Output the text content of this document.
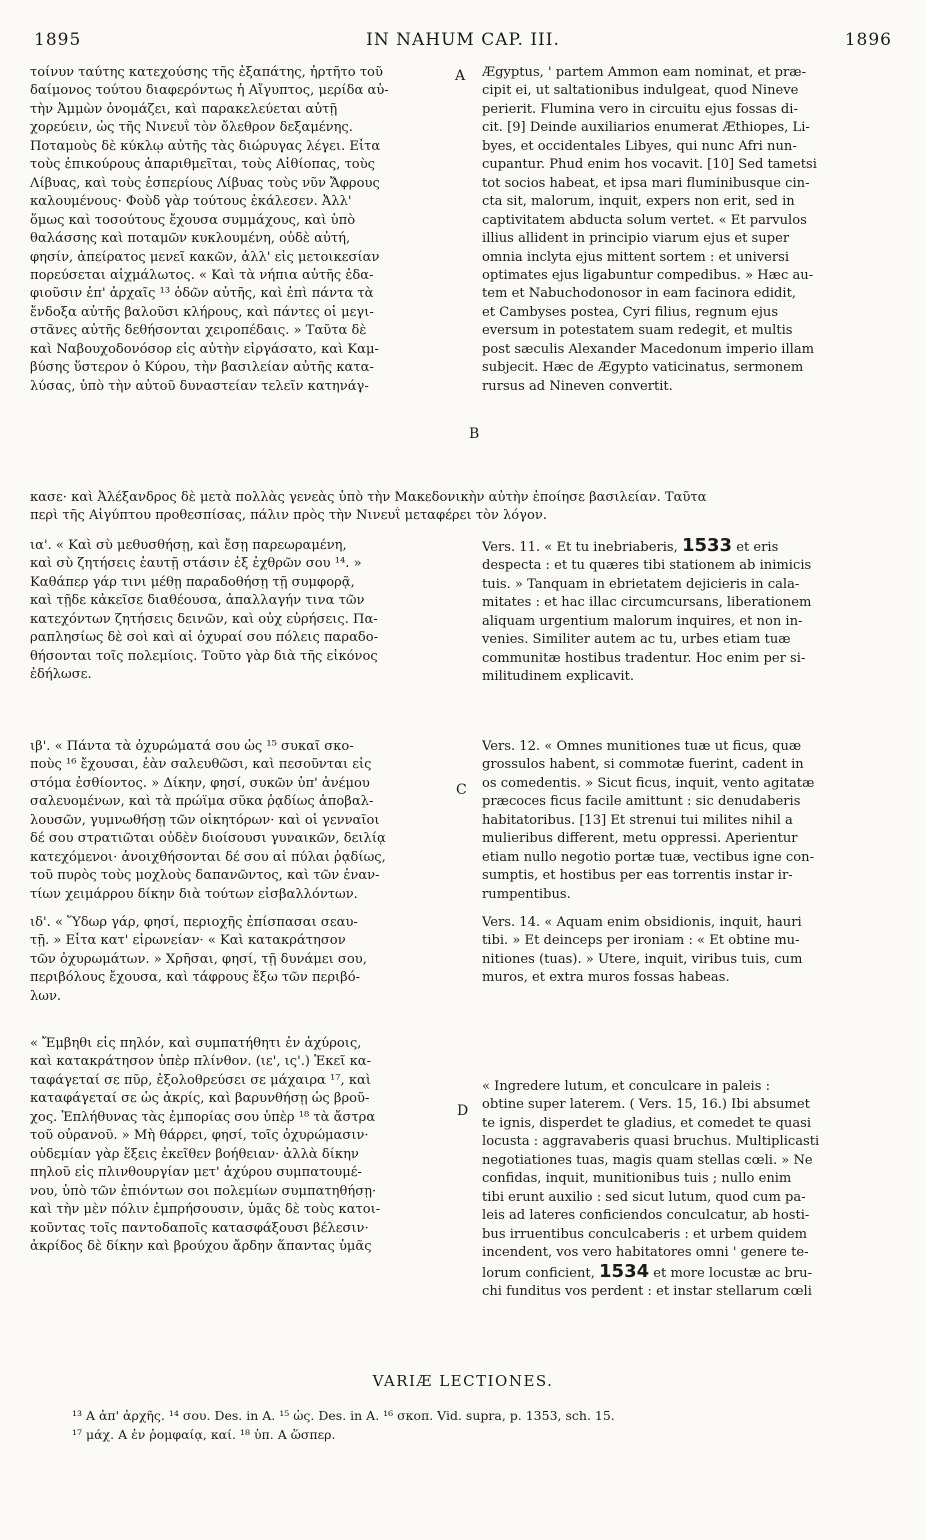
1895	IN NAHUM CAP. III.	1896
A
B
C
D

τοίνυν ταύτης κατεχούσης τῆς ἐξαπάτης, ἠρτῆτο τοῦ

δαίμονος τούτου διαφερόντως ἡ Αἴγυπτος, μερίδα αὐ-

τὴν Ἀμμὼν ὀνομάζει, καὶ παρακελεύεται αὐτῇ

χορεύειν, ὡς τῆς Νινευῒ τὸν ὄλεθρον δεξαμένης.

Ποταμοὺς δὲ κύκλῳ αὐτῆς τὰς διώρυγας λέγει. Εἶτα

τοὺς ἐπικούρους ἀπαριθμεῖται, τοὺς Αἰθίοπας, τοὺς

Λίβυας, καὶ τοὺς ἑσπερίους Λίβυας τοὺς νῦν Ἄφρους

καλουμένους· Φοὺδ γὰρ τούτους ἐκάλεσεν. Ἀλλ'

ὅμως καὶ τοσούτους ἔχουσα συμμάχους, καὶ ὑπὸ

θαλάσσης καὶ ποταμῶν κυκλουμένη, οὐδὲ αὐτή,

φησίν, ἀπείρατος μενεῖ κακῶν, ἀλλ' εἰς μετοικεσίαν

πορεύσεται αἰχμάλωτος. « Καὶ τὰ νήπια αὐτῆς ἐδα-

φιοῦσιν ἐπ' ἀρχαῖς ¹³ ὁδῶν αὐτῆς, καὶ ἐπὶ πάντα τὰ

ἔνδοξα αὐτῆς βαλοῦσι κλήρους, καὶ πάντες οἱ μεγι-

στᾶνες αὐτῆς δεθήσονται χειροπέδαις. » Ταῦτα δὲ

καὶ Ναβουχοδονόσορ εἰς αὐτὴν εἰργάσατο, καὶ Καμ-

βύσης ὕστερον ὁ Κύρου, τὴν βασιλείαν αὐτῆς κατα-

λύσας, ὑπὸ τὴν αὐτοῦ δυναστείαν τελεῖν κατηνάγ-

Ægyptus, ' partem Ammon eam nominat, et præ-

cipit ei, ut saltationibus indulgeat, quod Nineve

perierit. Flumina vero in circuitu ejus fossas di-

cit. [9] Deinde auxiliarios enumerat Æthiopes, Li-

byes, et occidentales Libyes, qui nunc Afri nun-

cupantur. Phud enim hos vocavit. [10] Sed tametsi

tot socios habeat, et ipsa mari fluminibusque cin-

cta sit, malorum, inquit, expers non erit, sed in

captivitatem abducta solum vertet. « Et parvulos

illius allident in principio viarum ejus et super

omnia inclyta ejus mittent sortem : et universi

optimates ejus ligabuntur compedibus. » Hæc au-

tem et Nabuchodonosor in eam facinora edidit,

et Cambyses postea, Cyri filius, regnum ejus

eversum in potestatem suam redegit, et multis

post sæculis Alexander Macedonum imperio illam

subjecit. Hæc de Ægypto vaticinatus, sermonem

rursus ad Nineven convertit.

κασε· καὶ Ἀλέξανδρος δὲ μετὰ πολλὰς γενεὰς ὑπὸ τὴν Μακεδονικὴν αὐτὴν ἐποίησε βασιλείαν. Ταῦτα

περὶ τῆς Αἰγύπτου προθεσπίσας, πάλιν πρὸς τὴν Νινευῒ μεταφέρει τὸν λόγον.

ια'. « Καὶ σὺ μεθυσθήσῃ, καὶ ἔσῃ παρεωραμένη,

καὶ σὺ ζητήσεις ἑαυτῇ στάσιν ἐξ ἐχθρῶν σου ¹⁴. »

Καθάπερ γάρ τινι μέθῃ παραδοθήσῃ τῇ συμφορᾷ,

καὶ τῇδε κἀκεῖσε διαθέουσα, ἀπαλλαγήν τινα τῶν

κατεχόντων ζητήσεις δεινῶν, καὶ οὐχ εὑρήσεις. Πα-

ραπλησίως δὲ σοὶ καὶ αἱ ὀχυραί σου πόλεις παραδο-

θήσονται τοῖς πολεμίοις. Τοῦτο γὰρ διὰ τῆς εἰκόνος

ἐδήλωσε.

Vers. 11. « Et tu inebriaberis, 1533 et eris

despecta : et tu quæres tibi stationem ab inimicis

tuis. » Tanquam in ebrietatem dejicieris in cala-

mitates : et hac illac circumcursans, liberationem

aliquam urgentium malorum inquires, et non in-

venies. Similiter autem ac tu, urbes etiam tuæ

communitæ hostibus tradentur. Hoc enim per si-

militudinem explicavit.

ιβ'. « Πάντα τὰ ὀχυρώματά σου ὡς ¹⁵ συκαῖ σκο-

ποὺς ¹⁶ ἔχουσαι, ἐὰν σαλευθῶσι, καὶ πεσοῦνται εἰς

στόμα ἐσθίοντος. » Δίκην, φησί, συκῶν ὑπ' ἀνέμου

σαλευομένων, καὶ τὰ πρώϊμα σῦκα ῥᾳδίως ἀποβαλ-

λουσῶν, γυμνωθήσῃ τῶν οἰκητόρων· καὶ οἱ γενναῖοι

δέ σου στρατιῶται οὐδὲν διοίσουσι γυναικῶν, δειλίᾳ

κατεχόμενοι· ἀνοιχθήσονται δέ σου αἱ πύλαι ῥᾳδίως,

τοῦ πυρὸς τοὺς μοχλοὺς δαπανῶντος, καὶ τῶν ἐναν-

τίων χειμάρρου δίκην διὰ τούτων εἰσβαλλόντων.

Vers. 12. « Omnes munitiones tuæ ut ficus, quæ

grossulos habent, si commotæ fuerint, cadent in

os comedentis. » Sicut ficus, inquit, vento agitatæ

præcoces ficus facile amittunt : sic denudaberis

habitatoribus. [13] Et strenui tui milites nihil a

mulieribus different, metu oppressi. Aperientur

etiam nullo negotio portæ tuæ, vectibus igne con-

sumptis, et hostibus per eas torrentis instar ir-

rumpentibus.

ιδ'. « Ὕδωρ γάρ, φησί, περιοχῆς ἐπίσπασαι σεαυ-

τῇ. » Εἶτα κατ' εἰρωνείαν· « Καὶ κατακράτησον

τῶν ὀχυρωμάτων. » Χρῆσαι, φησί, τῇ δυνάμει σου,

περιβόλους ἔχουσα, καὶ τάφρους ἔξω τῶν περιβό-

λων.

Vers. 14. « Aquam enim obsidionis, inquit, hauri

tibi. » Et deinceps per ironiam : « Et obtine mu-

nitiones (tuas). » Utere, inquit, viribus tuis, cum

muros, et extra muros fossas habeas.

« Ἔμβηθι εἰς πηλόν, καὶ συμπατήθητι ἐν ἀχύροις,

καὶ κατακράτησον ὑπὲρ πλίνθον. (ιε', ις'.) Ἐκεῖ κα-

ταφάγεταί σε πῦρ, ἐξολοθρεύσει σε μάχαιρα ¹⁷, καὶ

καταφάγεταί σε ὡς ἀκρίς, καὶ βαρυνθήσῃ ὡς βροῦ-

χος. Ἐπλήθυνας τὰς ἐμπορίας σου ὑπὲρ ¹⁸ τὰ ἄστρα

τοῦ οὐρανοῦ. » Μὴ θάρρει, φησί, τοῖς ὀχυρώμασιν·

οὐδεμίαν γὰρ ἕξεις ἐκεῖθεν βοήθειαν· ἀλλὰ δίκην

πηλοῦ εἰς πλινθουργίαν μετ' ἀχύρου συμπατουμέ-

νου, ὑπὸ τῶν ἐπιόντων σοι πολεμίων συμπατηθήσῃ·

καὶ τὴν μὲν πόλιν ἐμπρήσουσιν, ὑμᾶς δὲ τοὺς κατοι-

κοῦντας τοῖς παντοδαποῖς κατασφάξουσι βέλεσιν·

ἀκρίδος δὲ δίκην καὶ βρούχου ἄρδην ἅπαντας ὑμᾶς

« Ingredere lutum, et conculcare in paleis :

obtine super laterem. ( Vers. 15, 16.) Ibi absumet

te ignis, disperdet te gladius, et comedet te quasi

locusta : aggravaberis quasi bruchus. Multiplicasti

negotiationes tuas, magis quam stellas cœli. » Ne

confidas, inquit, munitionibus tuis ; nullo enim

tibi erunt auxilio : sed sicut lutum, quod cum pa-

leis ad lateres conficiendos conculcatur, ab hosti-

bus irruentibus conculcaberis : et urbem quidem

incendent, vos vero habitatores omni ' genere te-

lorum conficient, 1534 et more locustæ ac bru-

chi funditus vos perdent : et instar stellarum cœli

VARIÆ LECTIONES.

¹³ A ἀπ' ἀρχῆς. ¹⁴ σου. Des. in A. ¹⁵ ὡς. Des. in A. ¹⁶ σκοπ. Vid. supra, p. 1353, sch. 15.

¹⁷ μάχ. A ἐν ῥομφαίᾳ, καί. ¹⁸ ὑπ. A ὥσπερ.
